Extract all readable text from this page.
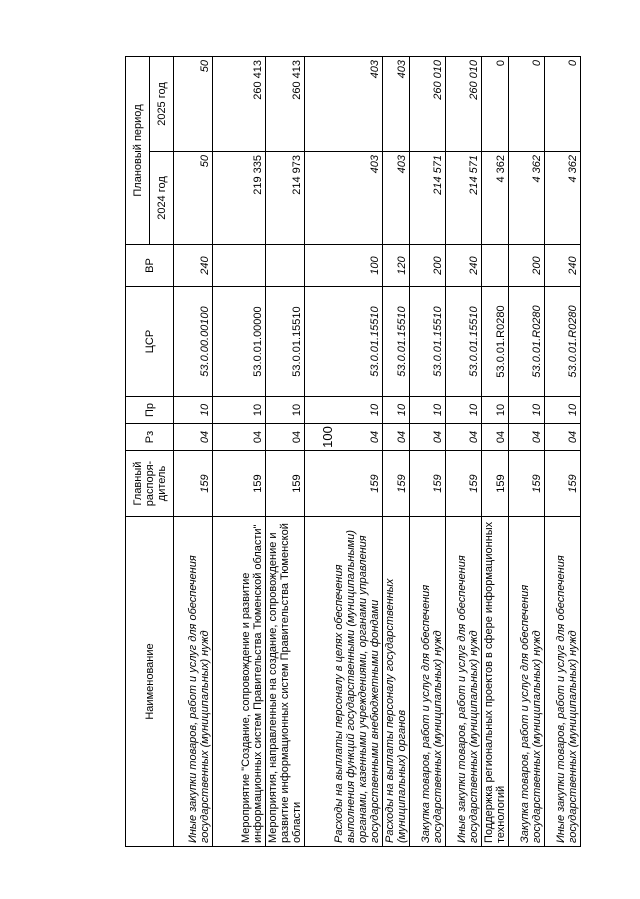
100
Наименование	Главный распоря-дитель	Рз	Пр	ЦСР	ВР	Плановый период	
						2024 год	2025 год
Иные закупки товаров, работ и услуг для обеспечения государственных (муниципальных) нужд	159	04	10	53.0.00.00100	240	50	50
Мероприятие "Создание, сопровождение и развитие информационных систем Правительства Тюменской области"	159	04	10	53.0.01.00000		219 335	260 413
Мероприятия, направленные на создание, сопровождение и развитие информационных систем Правительства Тюменской области	159	04	10	53.0.01.15510		214 973	260 413
Расходы на выплаты персоналу в целях обеспечения выполнения функций государственными (муниципальными) органами, казенными учреждениями, органами управления государственными внебюджетными фондами	159	04	10	53.0.01.15510	100	403	403
Расходы на выплаты персоналу государственных (муниципальных) органов	159	04	10	53.0.01.15510	120	403	403
Закупка товаров, работ и услуг для обеспечения государственных (муниципальных) нужд	159	04	10	53.0.01.15510	200	214 571	260 010
Иные закупки товаров, работ и услуг для обеспечения государственных (муниципальных) нужд	159	04	10	53.0.01.15510	240	214 571	260 010
Поддержка региональных проектов в сфере информационных технологий	159	04	10	53.0.01.R0280		4 362	0
Закупка товаров, работ и услуг для обеспечения государственных (муниципальных) нужд	159	04	10	53.0.01.R0280	200	4 362	0
Иные закупки товаров, работ и услуг для обеспечения государственных (муниципальных) нужд	159	04	10	53.0.01.R0280	240	4 362	0
